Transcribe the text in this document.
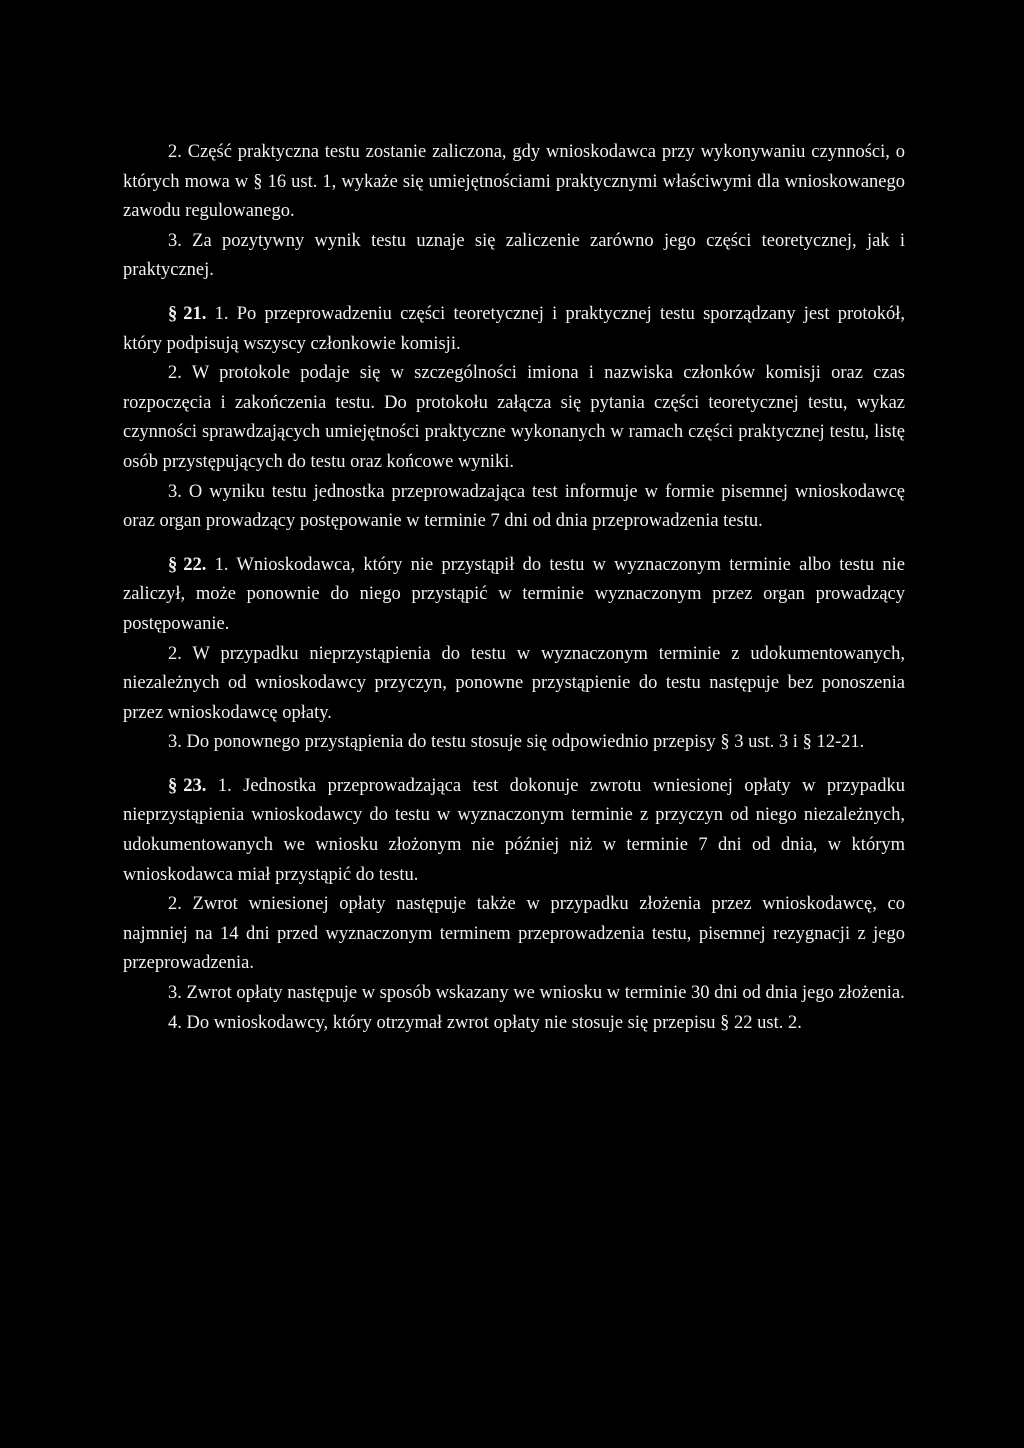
2. Część praktyczna testu zostanie zaliczona, gdy wnioskodawca przy wykonywaniu czynności, o których mowa w § 16 ust. 1, wykaże się umiejętnościami praktycznymi właściwymi dla wnioskowanego zawodu regulowanego.

3. Za pozytywny wynik testu uznaje się zaliczenie zarówno jego części teoretycznej, jak i praktycznej.

§ 21. 1. Po przeprowadzeniu części teoretycznej i praktycznej testu sporządzany jest protokół, który podpisują wszyscy członkowie komisji.

2. W protokole podaje się w szczególności imiona i nazwiska członków komisji oraz czas rozpoczęcia i zakończenia testu. Do protokołu załącza się pytania części teoretycznej testu, wykaz czynności sprawdzających umiejętności praktyczne wykonanych w ramach części praktycznej testu, listę osób przystępujących do testu oraz końcowe wyniki.

3. O wyniku testu jednostka przeprowadzająca test informuje w formie pisemnej wnioskodawcę oraz organ prowadzący postępowanie w terminie 7 dni od dnia przeprowadzenia testu.

§ 22. 1. Wnioskodawca, który nie przystąpił do testu w wyznaczonym terminie albo testu nie zaliczył, może ponownie do niego przystąpić w terminie wyznaczonym przez organ prowadzący postępowanie.

2. W przypadku nieprzystąpienia do testu w wyznaczonym terminie z udokumentowanych, niezależnych od wnioskodawcy przyczyn, ponowne przystąpienie do testu następuje bez ponoszenia przez wnioskodawcę opłaty.

3. Do ponownego przystąpienia do testu stosuje się odpowiednio przepisy § 3 ust. 3 i § 12-21.

§ 23. 1. Jednostka przeprowadzająca test dokonuje zwrotu wniesionej opłaty w przypadku nieprzystąpienia wnioskodawcy do testu w wyznaczonym terminie z przyczyn od niego niezależnych, udokumentowanych we wniosku złożonym nie później niż w terminie 7 dni od dnia, w którym wnioskodawca miał przystąpić do testu.

2. Zwrot wniesionej opłaty następuje także w przypadku złożenia przez wnioskodawcę, co najmniej na 14 dni przed wyznaczonym terminem przeprowadzenia testu, pisemnej rezygnacji z jego przeprowadzenia.

3. Zwrot opłaty następuje w sposób wskazany we wniosku w terminie 30 dni od dnia jego złożenia.

4. Do wnioskodawcy, który otrzymał zwrot opłaty nie stosuje się przepisu § 22 ust. 2.
